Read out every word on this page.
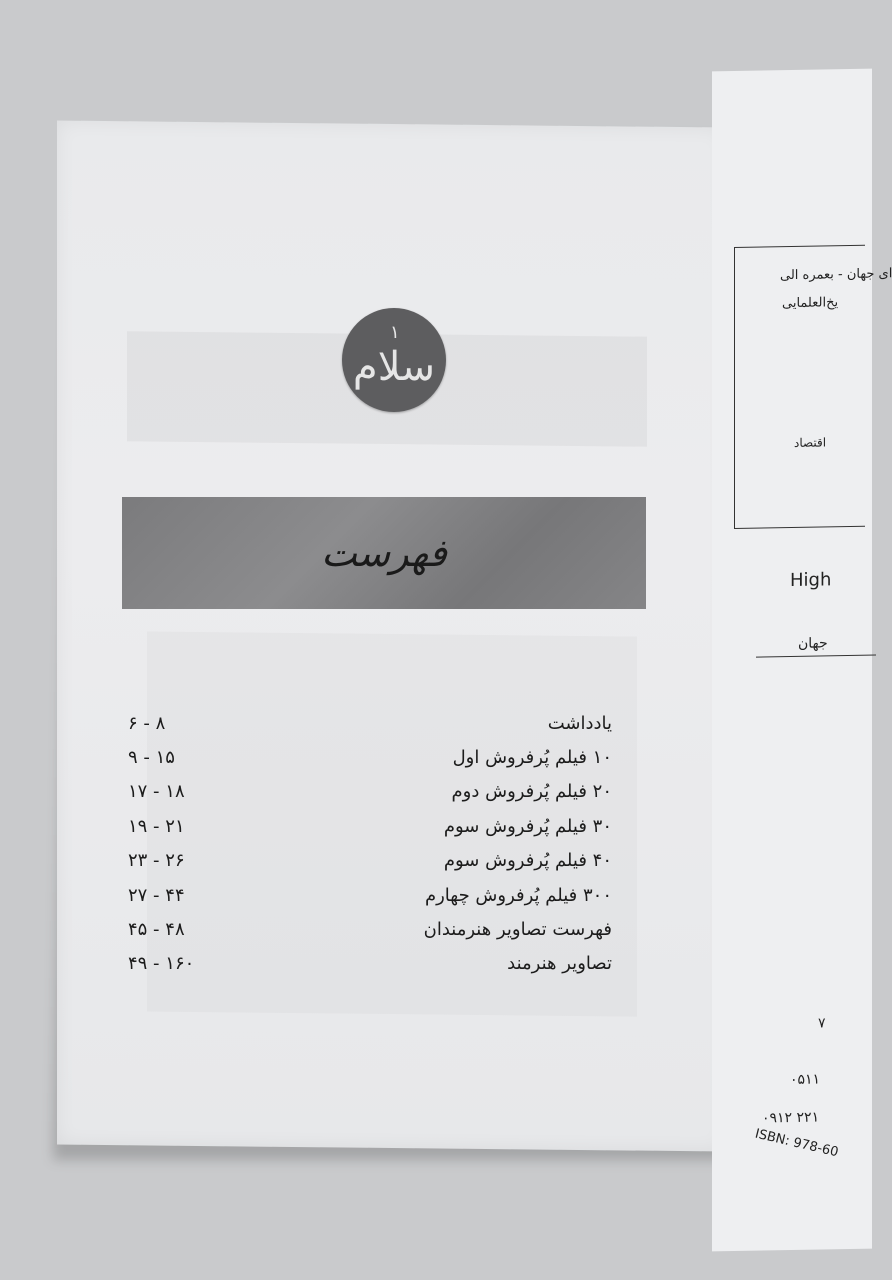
۱
سلام
فهرست
۶ - ۸	یادداشت
۹ - ۱۵	۱۰ فیلم پُرفروش اول
۱۷ - ۱۸	۲۰ فیلم پُرفروش دوم
۱۹ - ۲۱	۳۰ فیلم پُرفروش سوم
۲۳ - ۲۶	۴۰ فیلم پُرفروش سوم
۲۷ - ۴۴	۳۰۰ فیلم پُرفروش چهارم
۴۵ - ۴۸	فهرست تصاویر هنرمندان
۴۹ - ۱۶۰	تصاویر هنرمند
ای جهان - بعمره الی
یخ‌العلمایی
اقتصاد
High
جهان
۷
۰۵۱۱
۰۹۱۲ ۲۲۱
ISBN: 978-60
